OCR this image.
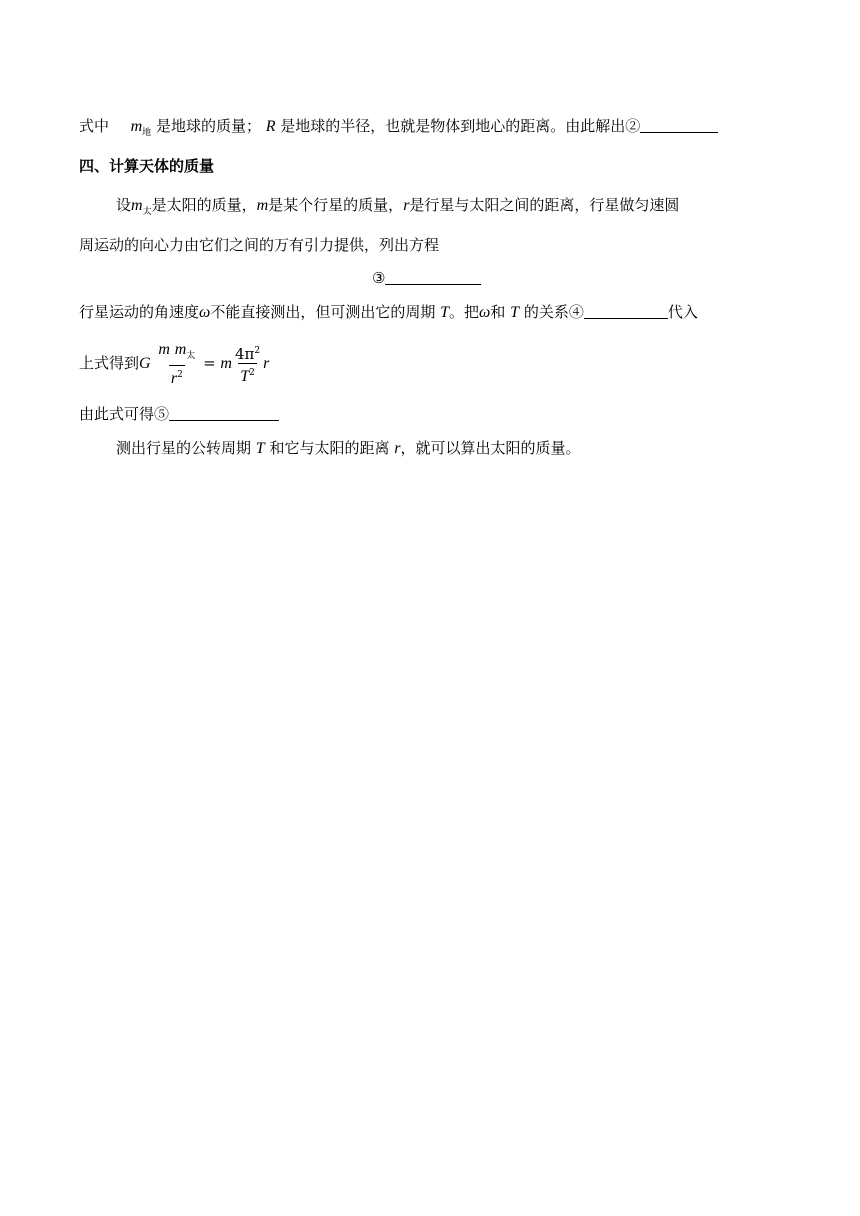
式中 $m_地$ 是地球的质量； R 是地球的半径，也就是物体到地心的距离。由此解出②
四、计算天体的质量
设$m_太$是太阳的质量，m是某个行星的质量，r是行星与太阳之间的距离，行星做匀速圆
周运动的向心力由它们之间的万有引力提供，列出方程
③
行星运动的角速度ω不能直接测出，但可测出它的周期 T。把ω和 T 的关系④	代入
上式得到G $\frac{m m_太}{r^2} = m \frac{4\pi^2}{T^2}$ r
由此式可得⑤
测出行星的公转周期 T 和它与太阳的距离 r，就可以算出太阳的质量。
